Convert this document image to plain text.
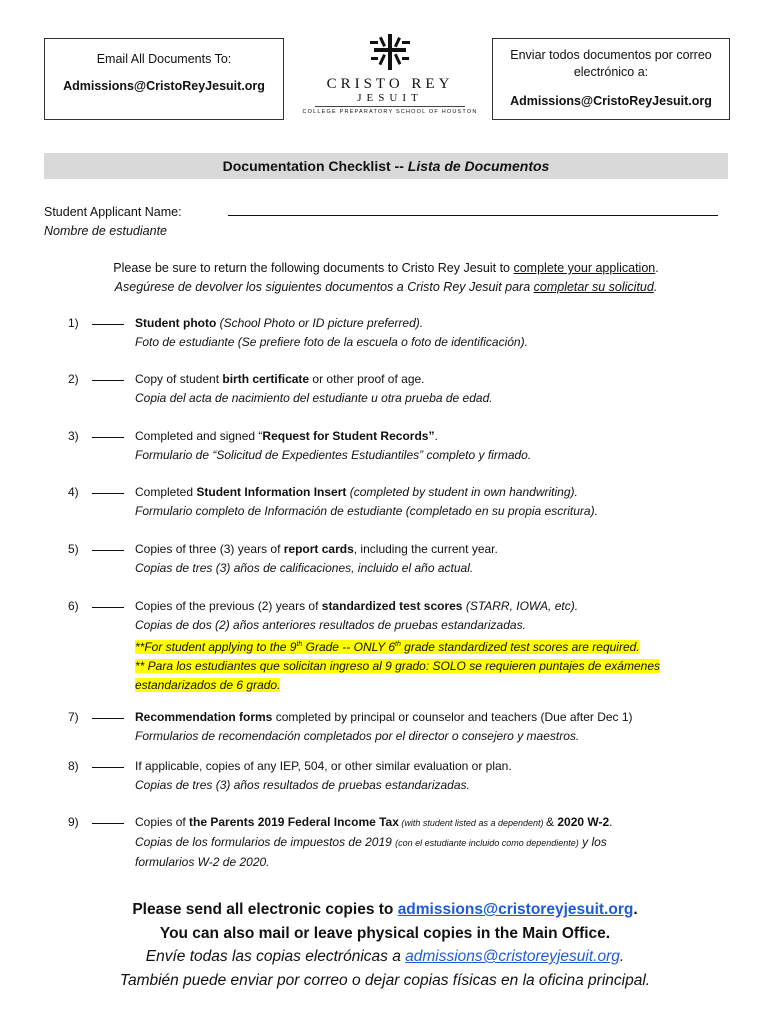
Email All Documents To:
Admissions@CristoReyJesuit.org	CRISTO REY
JESUIT
COLLEGE PREPARATORY SCHOOL OF HOUSTON
Enviar todos documentos por correo electrónico a:
Admissions@CristoReyJesuit.org
Documentation Checklist -- Lista de Documentos
Student Applicant Name:
Nombre de estudiante
Please be sure to return the following documents to Cristo Rey Jesuit to complete your application.
Asegúrese de devolver los siguientes documentos a Cristo Rey Jesuit para completar su solicitud.
1)	Student photo (School Photo or ID picture preferred).
Foto de estudiante (Se prefiere foto de la escuela o foto de identificación).
2)	Copy of student birth certificate or other proof of age.
Copia del acta de nacimiento del estudiante u otra prueba de edad.
3)	Completed and signed “Request for Student Records”.
Formulario de “Solicitud de Expedientes Estudiantiles” completo y firmado.
4)	Completed Student Information Insert (completed by student in own handwriting).
Formulario completo de Información de estudiante (completado en su propia escritura).
5)	Copies of three (3) years of report cards, including the current year.
Copias de tres (3) años de calificaciones, incluido el año actual.
6)	Copies of the previous (2) years of standardized test scores (STARR, IOWA, etc).
Copias de dos (2) años anteriores resultados de pruebas estandarizadas.
**For student applying to the 9th Grade -- ONLY 6th grade standardized test scores are required.
** Para los estudiantes que solicitan ingreso al 9 grado: SOLO se requieren puntajes de exámenes
estandarizados de 6 grado.
7)	Recommendation forms completed by principal or counselor and teachers (Due after Dec 1)
Formularios de recomendación completados por el director o consejero y maestros.
8)	If applicable, copies of any IEP, 504, or other similar evaluation or plan.
Copias de tres (3) años resultados de pruebas estandarizadas.
9)	Copies of the Parents 2019 Federal Income Tax (with student listed as a dependent) & 2020 W-2.
Copias de los formularios de impuestos de 2019 (con el estudiante incluido como dependiente) y los
formularios W-2 de 2020.
Please send all electronic copies to admissions@cristoreyjesuit.org.
You can also mail or leave physical copies in the Main Office.
Envíe todas las copias electrónicas a admissions@cristoreyjesuit.org.
También puede enviar por correo o dejar copias físicas en la oficina principal.
